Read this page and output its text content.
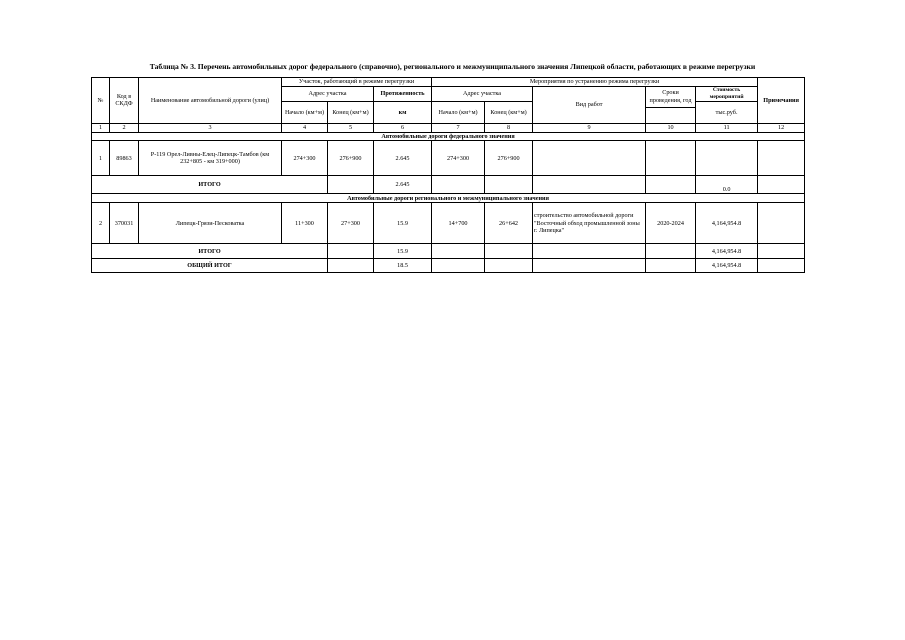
Таблица № 3. Перечень автомобильных дорог федерального (справочно), регионального и межмуниципального значения Липецкой области, работающих в режиме перегрузки
№	Код в СКДФ	Наименование автомобильной дороги (улиц)	Участок, работающий в режиме перегрузки			Мероприятия по устранению режима перегрузки					Примечания
			Адрес участка		Протяженность	Адрес участка		Вид работ	Сроки проведения, год	Стоимость мероприятий	
			Начало (км+м)	Конец (км+м)	км	Начало (км+м)	Конец (км+м)			тыс.руб.	

1	2	3	4	5	6	7	8	9	10	11	12
Автомобильные дороги федерального значения											
1	89863	Р-119 Орел-Ливны-Елец-Липецк-Тамбов (км 232+805 - км 319+000)	274+300	276+900	2.645	274+300	276+900				
ИТОГО					2.645					0.0	
Автомобильные дороги регионального и межмуниципального значения											
2	370031	Липецк-Грязи-Песковатка	11+300	27+300	15.9	14+700	26+642	строительство автомобильной дороги "Восточный обход промышленной зоны г. Липецка"	2020-2024	4,164,954.8	
ИТОГО					15.9					4,164,954.8	
ОБЩИЙ ИТОГ					18.5					4,164,954.8	
